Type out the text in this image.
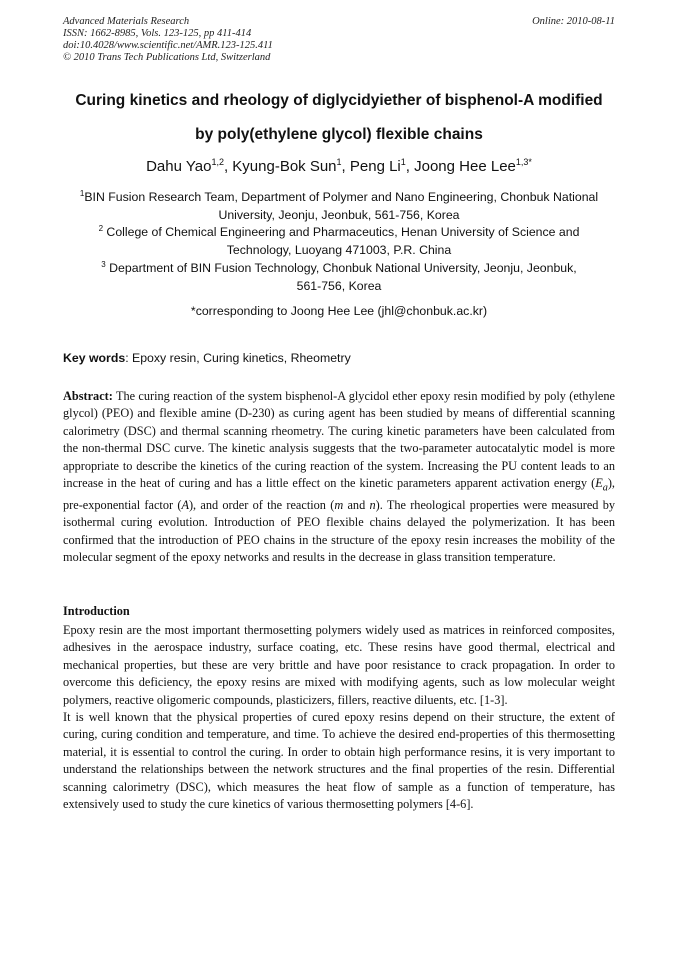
Advanced Materials Research
ISSN: 1662-8985, Vols. 123-125, pp 411-414
doi:10.4028/www.scientific.net/AMR.123-125.411
© 2010 Trans Tech Publications Ltd, Switzerland
Online: 2010-08-11
Curing kinetics and rheology of diglycidyiether of bisphenol-A modified
by poly(ethylene glycol) flexible chains
Dahu Yao$^{1,2}$, Kyung-Bok Sun$^1$, Peng Li$^1$, Joong Hee Lee$^{1,3*}$
$^1$BIN Fusion Research Team, Department of Polymer and Nano Engineering, Chonbuk National
University, Jeonju, Jeonbuk, 561-756, Korea
$^2$ College of Chemical Engineering and Pharmaceutics, Henan University of Science and
Technology, Luoyang 471003, P.R. China
$^3$ Department of BIN Fusion Technology, Chonbuk National University, Jeonju, Jeonbuk,
561-756, Korea
*corresponding to Joong Hee Lee (jhl@chonbuk.ac.kr)
Key words: Epoxy resin, Curing kinetics, Rheometry

Abstract: The curing reaction of the system bisphenol-A glycidol ether epoxy resin modified by poly (ethylene glycol) (PEO) and flexible amine (D-230) as curing agent has been studied by means of differential scanning calorimetry (DSC) and thermal scanning rheometry. The curing kinetic parameters have been calculated from the non-thermal DSC curve. The kinetic analysis suggests that the two-parameter autocatalytic model is more appropriate to describe the kinetics of the curing reaction of the system. Increasing the PU content leads to an increase in the heat of curing and has a little effect on the kinetic parameters apparent activation energy $(E_a)$, pre-exponential factor (A), and order of the reaction (m and n). The rheological properties were measured by isothermal curing evolution. Introduction of PEO flexible chains delayed the polymerization. It has been confirmed that the introduction of PEO chains in the structure of the epoxy resin increases the mobility of the molecular segment of the epoxy networks and results in the decrease in glass transition temperature.

Introduction

Epoxy resin are the most important thermosetting polymers widely used as matrices in reinforced composites, adhesives in the aerospace industry, surface coating, etc. These resins have good thermal, electrical and mechanical properties, but these are very brittle and have poor resistance to crack propagation. In order to overcome this deficiency, the epoxy resins are mixed with modifying agents, such as low molecular weight polymers, reactive oligomeric compounds, plasticizers, fillers, reactive diluents, etc. [1-3].

It is well known that the physical properties of cured epoxy resins depend on their structure, the extent of curing, curing condition and temperature, and time. To achieve the desired end-properties of this thermosetting material, it is essential to control the curing. In order to obtain high performance resins, it is very important to understand the relationships between the network structures and the final properties of the resin. Differential scanning calorimetry (DSC), which measures the heat flow of sample as a function of temperature, has extensively used to study the cure kinetics of various thermosetting polymers [4-6].
